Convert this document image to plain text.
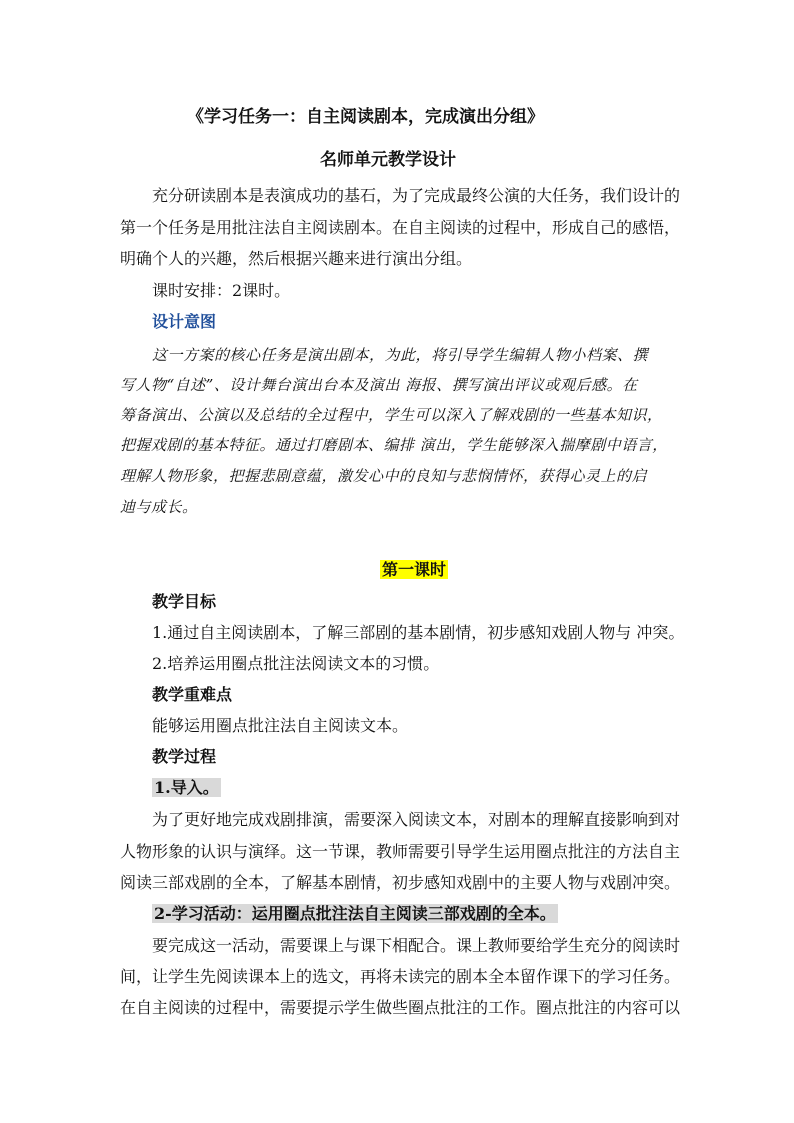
《学习任务一：自主阅读剧本，完成演出分组》
名师单元教学设计
充分研读剧本是表演成功的基石，为了完成最终公演的大任务，我们设计的
第一个任务是用批注法自主阅读剧本。在自主阅读的过程中，形成自己的感悟，
明确个人的兴趣，然后根据兴趣来进行演出分组。
课时安排：2课时。
设计意图
这一方案的核心任务是演出剧本，为此，将引导学生编辑人物小档案、撰
写人物“自述”、设计舞台演出台本及演出 海报、撰写演出评议或观后感。在
筹备演出、公演以及总结的全过程中，学生可以深入了解戏剧的一些基本知识，
把握戏剧的基本特征。通过打磨剧本、编排 演出，学生能够深入揣摩剧中语言，
理解人物形象，把握悲剧意蕴，激发心中的良知与悲悯情怀，获得心灵上的启
迪与成长。
第一课时
教学目标
1.通过自主阅读剧本，了解三部剧的基本剧情，初步感知戏剧人物与 冲突。
2.培养运用圈点批注法阅读文本的习惯。
教学重难点
能够运用圈点批注法自主阅读文本。
教学过程
1.导入。
为了更好地完成戏剧排演，需要深入阅读文本，对剧本的理解直接影响到对
人物形象的认识与演绎。这一节课，教师需要引导学生运用圈点批注的方法自主
阅读三部戏剧的全本，了解基本剧情，初步感知戏剧中的主要人物与戏剧冲突。
2-学习活动：运用圈点批注法自主阅读三部戏剧的全本。
要完成这一活动，需要课上与课下相配合。课上教师要给学生充分的阅读时
间，让学生先阅读课本上的选文，再将未读完的剧本全本留作课下的学习任务。
在自主阅读的过程中，需要提示学生做些圈点批注的工作。圈点批注的内容可以
